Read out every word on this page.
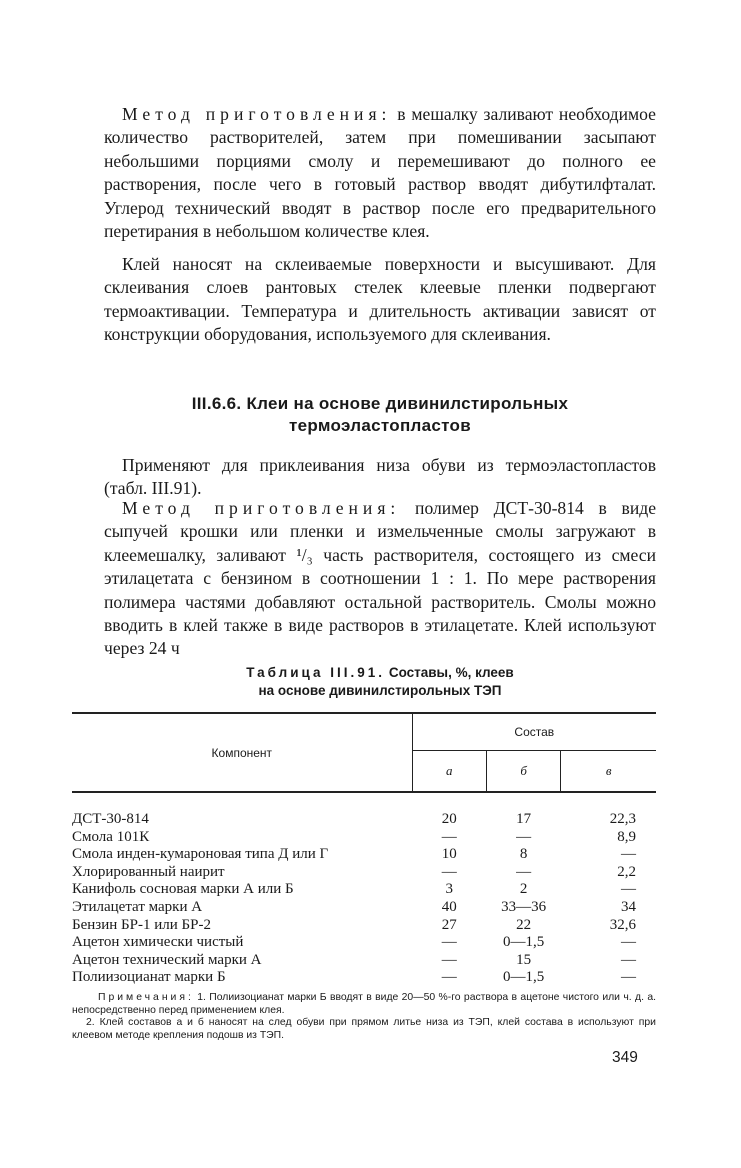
Метод приготовления: в мешалку заливают необходимое количество растворителей, затем при помешивании засыпают небольшими порциями смолу и перемешивают до полного ее растворения, после чего в готовый раствор вводят дибутилфталат. Углерод технический вводят в раствор после его предварительного перетирания в небольшом количестве клея.

Клей наносят на склеиваемые поверхности и высушивают. Для склеивания слоев рантовых стелек клеевые пленки подвергают термоактивации. Температура и длительность активации зависят от конструкции оборудования, используемого для склеивания.

III.6.6. Клеи на основе дивинилстирольных
термоэластопластов

Применяют для приклеивания низа обуви из термоэластопластов (табл. III.91).

Метод приготовления: полимер ДСТ-30-814 в виде сыпучей крошки или пленки и измельченные смолы загружают в клеемешалку, заливают ¹/₃ часть растворителя, состоящего из смеси этилацетата с бензином в соотношении 1 : 1. По мере растворения полимера частями добавляют остальной растворитель. Смолы можно вводить в клей также в виде растворов в этилацетате. Клей используют через 24 ч

Таблица III.91. Составы, %, клеев
на основе дивинилстирольных ТЭП

Компонент	Состав		
	а	б	в
ДСТ-30-814	20	17	22,3
Смола 101К	—	—	8,9
Смола инден-кумароновая типа Д или Г	10	8	—
Хлорированный наирит	—	—	2,2
Канифоль сосновая марки А или Б	3	2	—
Этилацетат марки А	40	33—36	34
Бензин БР-1 или БР-2	27	22	32,6
Ацетон химически чистый	—	0—1,5	—
Ацетон технический марки А	—	15	—
Полиизоцианат марки Б	—	0—1,5	—

Примечания: 1. Полиизоцианат марки Б вводят в виде 20—50 %-го раствора в ацетоне чистого или ч. д. а. непосредственно перед применением клея.

2. Клей составов а и б наносят на след обуви при прямом литье низа из ТЭП, клей состава в используют при клеевом методе крепления подошв из ТЭП.

349
